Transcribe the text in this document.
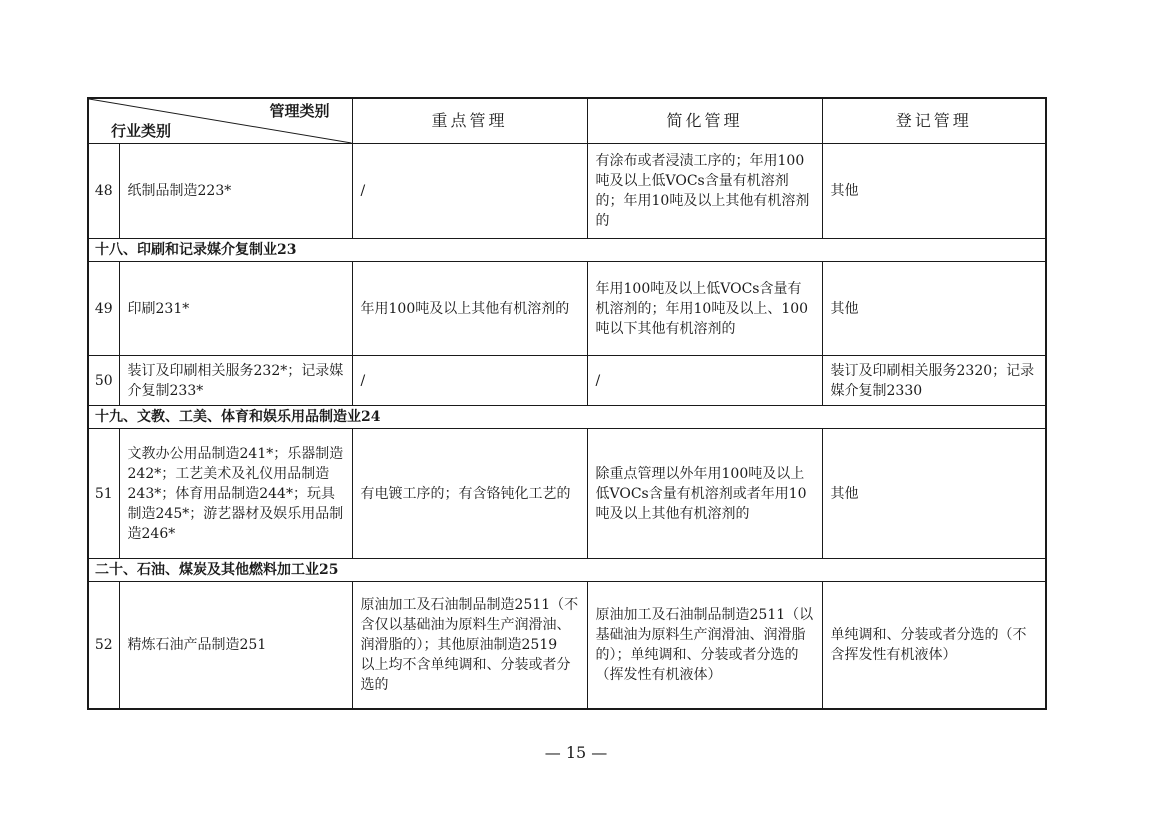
管理类别
行业类别		重点管理	简化管理	登记管理
48	纸制品制造223*	/	有涂布或者浸渍工序的；年用100吨及以上低VOCs含量有机溶剂的；年用10吨及以上其他有机溶剂的	其他
十八、印刷和记录媒介复制业23				
49	印刷231*	年用100吨及以上其他有机溶剂的	年用100吨及以上低VOCs含量有机溶剂的；年用10吨及以上、100吨以下其他有机溶剂的	其他
50	装订及印刷相关服务232*；记录媒介复制233*	/	/	装订及印刷相关服务2320；记录媒介复制2330
十九、文教、工美、体育和娱乐用品制造业24				
51	文教办公用品制造241*；乐器制造242*；工艺美术及礼仪用品制造243*；体育用品制造244*；玩具制造245*；游艺器材及娱乐用品制造246*	有电镀工序的；有含铬钝化工艺的	除重点管理以外年用100吨及以上低VOCs含量有机溶剂或者年用10吨及以上其他有机溶剂的	其他
二十、石油、煤炭及其他燃料加工业25				
52	精炼石油产品制造251	原油加工及石油制品制造2511（不含仅以基础油为原料生产润滑油、润滑脂的）；其他原油制造2519
以上均不含单纯调和、分装或者分选的	原油加工及石油制品制造2511（以基础油为原料生产润滑油、润滑脂的）；单纯调和、分装或者分选的（挥发性有机液体）	单纯调和、分装或者分选的（不含挥发性有机液体）
— 15 —
